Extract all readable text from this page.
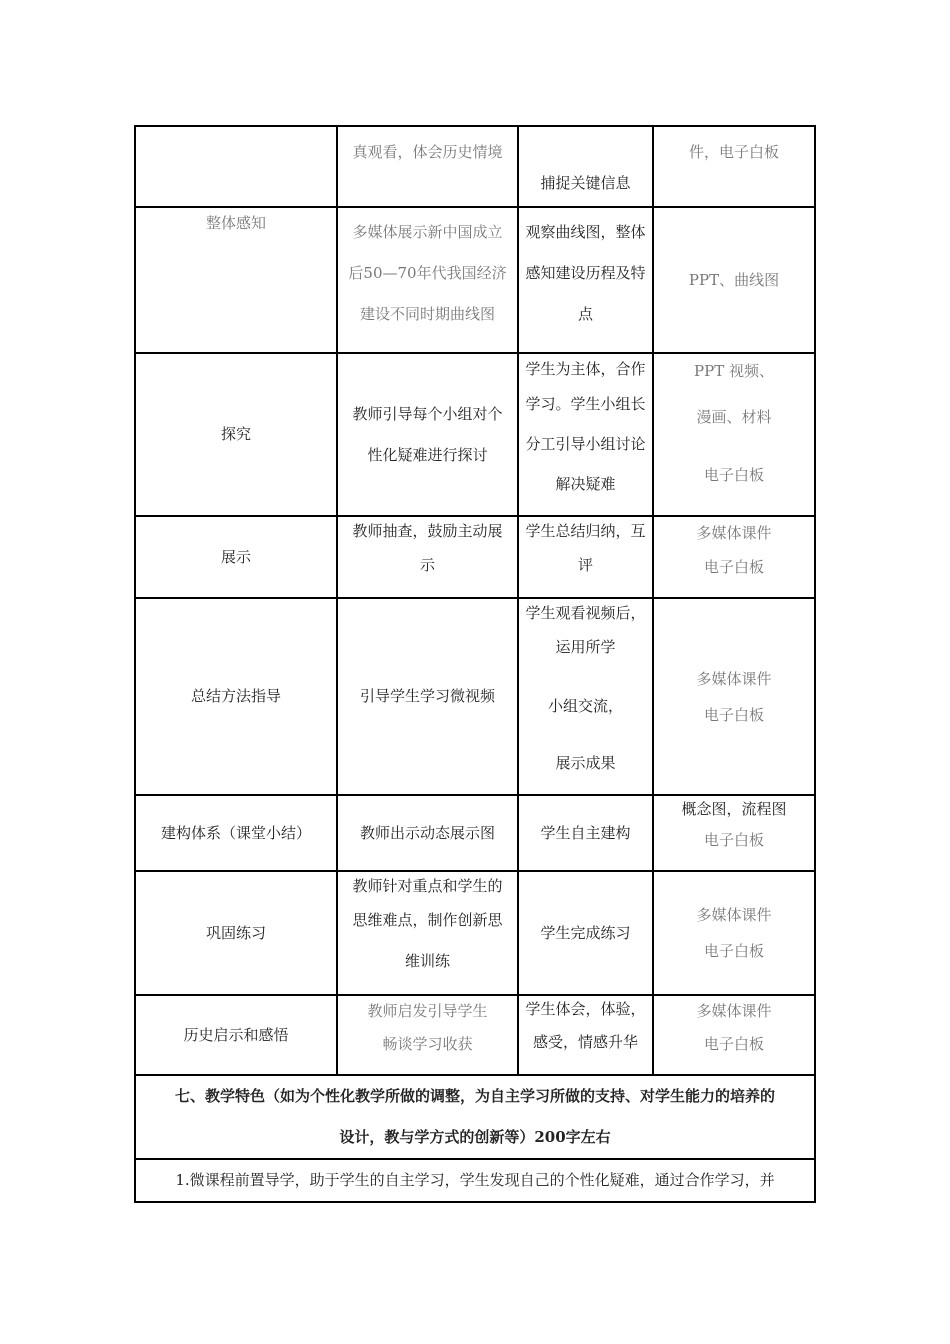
	真观看，体会历史情境	捕捉关键信息	件，电子白板

整体感知	多媒体展示新中国成立
后50—70年代我国经济
建设不同时期曲线图	观察曲线图，整体
感知建设历程及特
点	PPT、曲线图

探究	教师引导每个小组对个
性化疑难进行探讨	学生为主体，合作
学习。学生小组长
分工引导小组讨论
解决疑难	PPT 视频、
漫画、材料
电子白板

展示	教师抽查，鼓励主动展
示	学生总结归纳，互
评	多媒体课件
电子白板

总结方法指导	引导学生学习微视频	学生观看视频后，
运用所学
小组交流，
展示成果	多媒体课件
电子白板

建构体系（课堂小结）	教师出示动态展示图	学生自主建构	概念图，流程图
电子白板

巩固练习	教师针对重点和学生的
思维难点，制作创新思
维训练	学生完成练习	多媒体课件
电子白板

历史启示和感悟	教师启发引导学生
畅谈学习收获	学生体会，体验，
感受，情感升华	多媒体课件
电子白板

七、教学特色（如为个性化教学所做的调整，为自主学习所做的支持、对学生能力的培养的
设计，教与学方式的创新等）200字左右			

1.微课程前置导学，助于学生的自主学习，学生发现自己的个性化疑难，通过合作学习，并			
